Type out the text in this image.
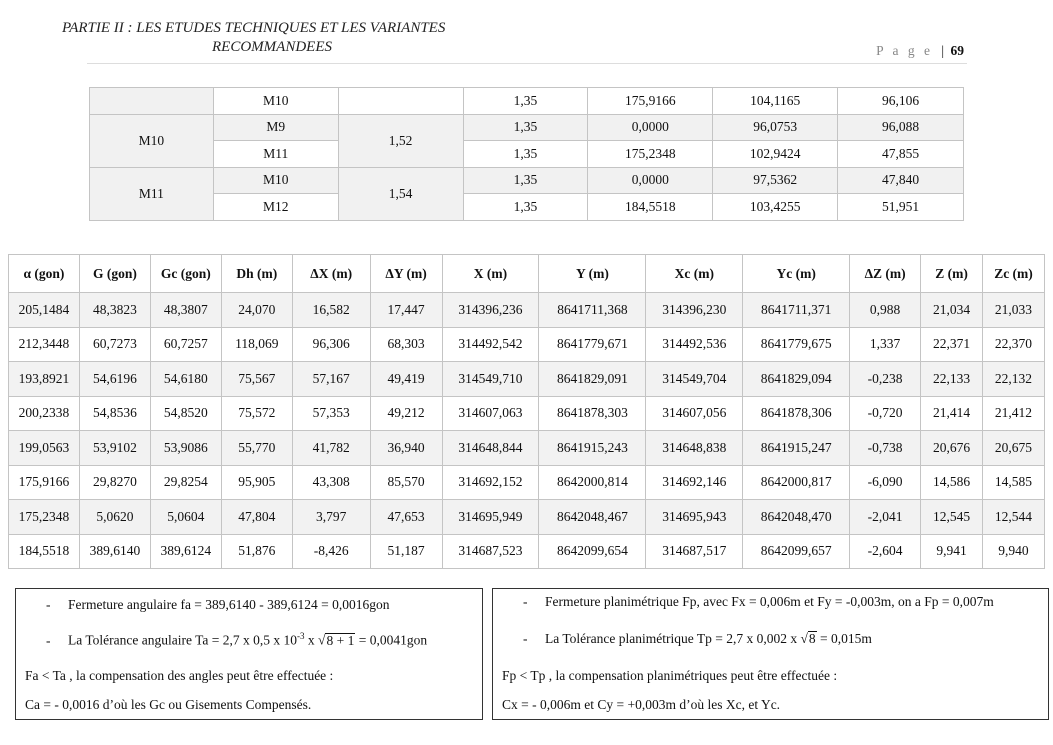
PARTIE II : LES ETUDES TECHNIQUES ET LES VARIANTES
RECOMMANDEES	P a g e | 69
	M10		1,35	175,9166	104,1165	96,106
M10	M9	1,52	1,35	0,0000	96,0753	96,088
	M11		1,35	175,2348	102,9424	47,855
M11	M10	1,54	1,35	0,0000	97,5362	47,840
	M12		1,35	184,5518	103,4255	51,951
α (gon)	G (gon)	Gc (gon)	Dh (m)	ΔX (m)	ΔY (m)	X (m)	Y (m)	Xc (m)	Yc (m)	ΔZ (m)	Z (m)	Zc (m)
205,1484	48,3823	48,3807	24,070	16,582	17,447	314396,236	8641711,368	314396,230	8641711,371	0,988	21,034	21,033
212,3448	60,7273	60,7257	118,069	96,306	68,303	314492,542	8641779,671	314492,536	8641779,675	1,337	22,371	22,370
193,8921	54,6196	54,6180	75,567	57,167	49,419	314549,710	8641829,091	314549,704	8641829,094	-0,238	22,133	22,132
200,2338	54,8536	54,8520	75,572	57,353	49,212	314607,063	8641878,303	314607,056	8641878,306	-0,720	21,414	21,412
199,0563	53,9102	53,9086	55,770	41,782	36,940	314648,844	8641915,243	314648,838	8641915,247	-0,738	20,676	20,675
175,9166	29,8270	29,8254	95,905	43,308	85,570	314692,152	8642000,814	314692,146	8642000,817	-6,090	14,586	14,585
175,2348	5,0620	5,0604	47,804	3,797	47,653	314695,949	8642048,467	314695,943	8642048,470	-2,041	12,545	12,544
184,5518	389,6140	389,6124	51,876	-8,426	51,187	314687,523	8642099,654	314687,517	8642099,657	-2,604	9,941	9,940
- Fermeture angulaire fa = 389,6140 - 389,6124 = 0,0016gon
- La Tolérance angulaire Ta = 2,7 x 0,5 x $10^{-3}$ x √8 + 1 = 0,0041gon
Fa < Ta , la compensation des angles peut être effectuée :
Ca = - 0,0016 d’où les Gc ou Gisements Compensés.
- Fermeture planimétrique Fp, avec Fx = 0,006m et Fy = -0,003m, on a Fp = 0,007m
- La Tolérance planimétrique Tp = 2,7 x 0,002 x √8 = 0,015m
Fp < Tp , la compensation planimétriques peut être effectuée :
Cx = - 0,006m et Cy = +0,003m d’où les Xc, et Yc.
